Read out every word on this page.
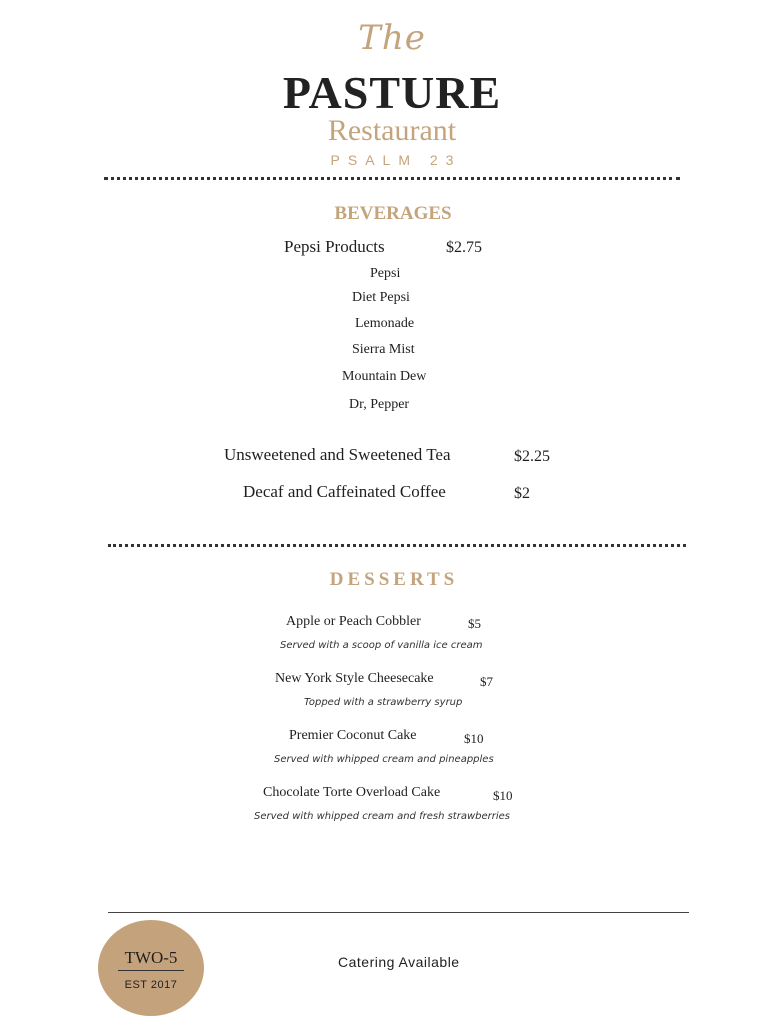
The
PASTURE
Restaurant
PSALM 23
BEVERAGES
Pepsi Products	$2.75
Pepsi
Diet Pepsi
Lemonade
Sierra Mist
Mountain Dew
Dr, Pepper
Unsweetened and Sweetened Tea	$2.25
Decaf and Caffeinated Coffee	$2
DESSERTS
Apple or Peach Cobbler	$5
Served with a scoop of vanilla ice cream
New York Style Cheesecake	$7
Topped with a strawberry syrup
Premier Coconut Cake	$10
Served with whipped cream and pineapples
Chocolate Torte Overload Cake	$10
Served with whipped cream and fresh strawberries
TWO-5
EST 2017
Catering Available
